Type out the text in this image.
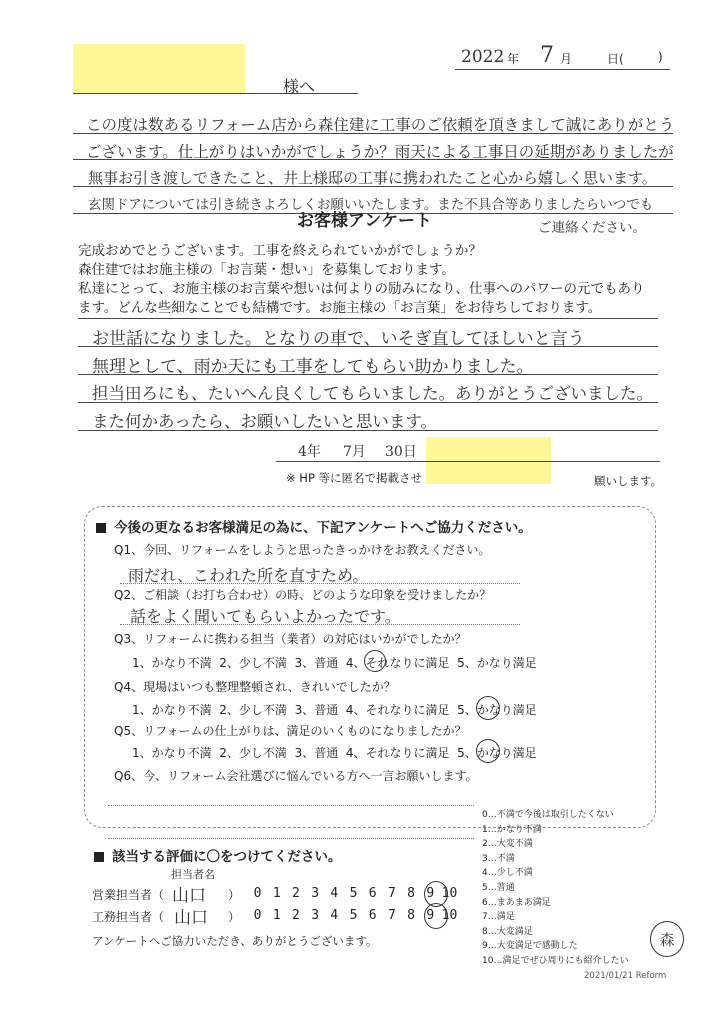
様へ
2022 年 7 月	日(	)
この度は数あるリフォーム店から森住建に工事のご依頼を頂きまして誠にありがとう
ございます。仕上がりはいかがでしょうか？雨天による工事日の延期がありましたが
無事お引き渡しできたこと、井上様邸の工事に携われたこと心から嬉しく思います。
玄関ドアについては引き続きよろしくお願いいたします。また不具合等ありましたらいつでも
ご連絡ください。
お客様アンケート
完成おめでとうございます。工事を終えられていかがでしょうか？
森住建ではお施主様の「お言葉・想い」を募集しております。
私達にとって、お施主様のお言葉や想いは何よりの励みになり、仕事へのパワーの元でもあり
ます。どんな些細なことでも結構です。お施主様の「お言葉」をお待ちしております。
お世話になりました。となりの車で、いそぎ直してほしいと言う
無理として、雨か天にも工事をしてもらい助かりました。
担当田ろにも、たいへん良くしてもらいました。ありがとうございました。
また何かあったら、お願いしたいと思います。
4年 7月 30日
※ HP 等に匿名で掲載させ	願いします。
今後の更なるお客様満足の為に、下記アンケートへご協力ください。
Q1、今回、リフォームをしようと思ったきっかけをお教えください。
雨だれ、こわれた所を直すため。
Q2、ご相談（お打ち合わせ）の時、どのような印象を受けましたか？
話をよく聞いてもらいよかったです。
Q3、リフォームに携わる担当（業者）の対応はいかがでしたか？
1、かなり不満 2、少し不満 3、普通 4、それなりに満足 5、かなり満足
Q4、現場はいつも整理整頓され、きれいでしたか？
1、かなり不満 2、少し不満 3、普通 4、それなりに満足 5、かなり満足
Q5、リフォームの仕上がりは、満足のいくものになりましたか？
1、かなり不満 2、少し不満 3、普通 4、それなりに満足 5、かなり満足
Q6、今、リフォーム会社選びに悩んでいる方へ一言お願いします。
該当する評価に〇をつけてください。
担当者名
営業担当者（ 山口 ）	0 1 2 3 4 5 6 7 8 9 10
工務担当者（ 山口 ）	0 1 2 3 4 5 6 7 8 9 10
アンケートへご協力いただき、ありがとうございます。
0…不満で今後は取引したくない
1…かなり不満
2…大変不満
3…不満
4…少し不満
5…普通
6…まあまあ満足
7…満足
8…大変満足
9…大変満足で感動した
10…満足でぜひ周りにも紹介したい
森
2021/01/21 Reform
